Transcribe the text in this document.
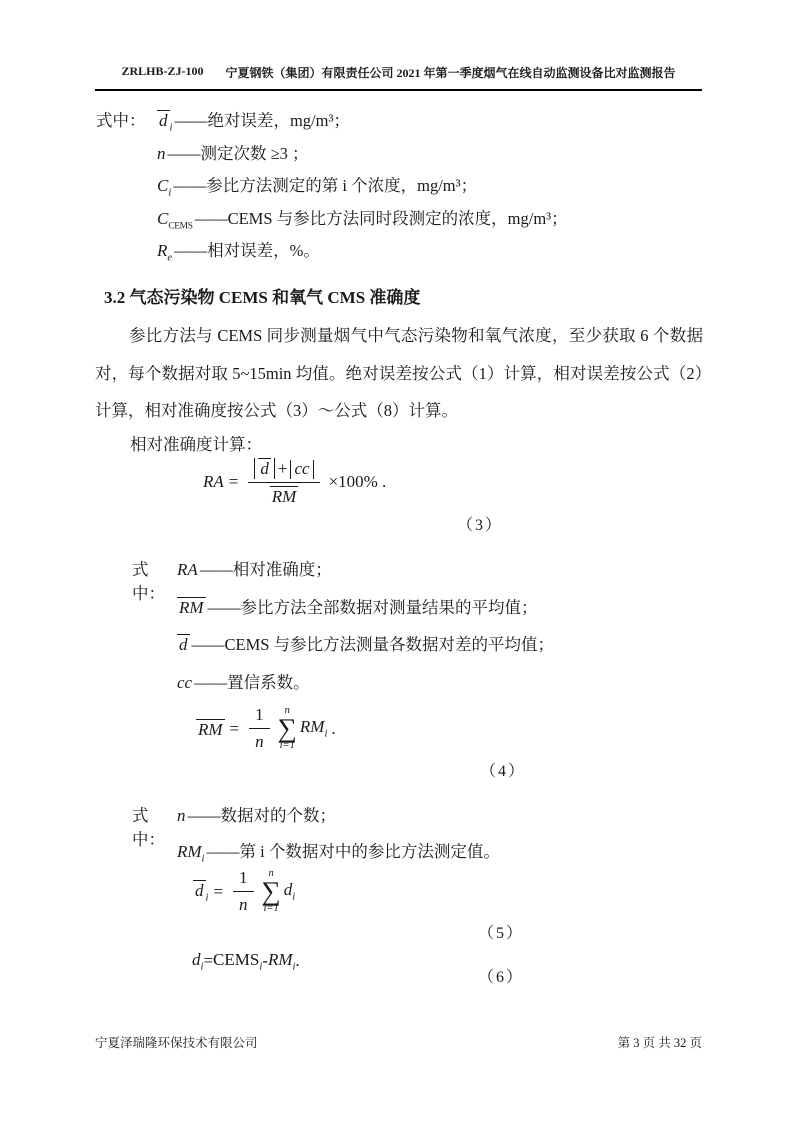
ZRLHB-ZJ-100 宁夏钢铁（集团）有限责任公司 2021 年第一季度烟气在线自动监测设备比对监测报告
式中： d $_i$ ——绝对误差，mg/m³；
n ——测定次数 ≥3 ；
$C_i$ ——参比方法测定的第 i 个浓度，mg/m³；
$C_{CEMS}$ ——CEMS 与参比方法同时段测定的浓度，mg/m³；
$R_e$ ——相对误差，%。
3.2 气态污染物 CEMS 和氧气 CMS 准确度
参比方法与 CEMS 同步测量烟气中气态污染物和氧气浓度，至少获取 6 个数据对，每个数据对取 5~15min 均值。绝对误差按公式（1）计算，相对误差按公式（2）计算，相对准确度按公式（3）～公式（8）计算。
相对准确度计算：
RA = $\frac{d + cc}{RM} \times 100\%$ .
（3）
式中：
RA ——相对准确度；
RM ——参比方法全部数据对测量结果的平均值；
d ——CEMS 与参比方法测量各数据对差的平均值；
cc ——置信系数。
RM = $\frac{1}{n}$ n
∑
i=1
$RM_i$ .
（4）
式中：
n ——数据对的个数；
$RM_i$ ——第 i 个数据对中的参比方法测定值。
d $_i = \frac{1}{n}$ n
∑
i=1
$d_i$
（5）
$d_i$ = $CEMS_i - RM_i$ .
（6）
宁夏泽瑞隆环保技术有限公司	第 3 页 共 32 页
